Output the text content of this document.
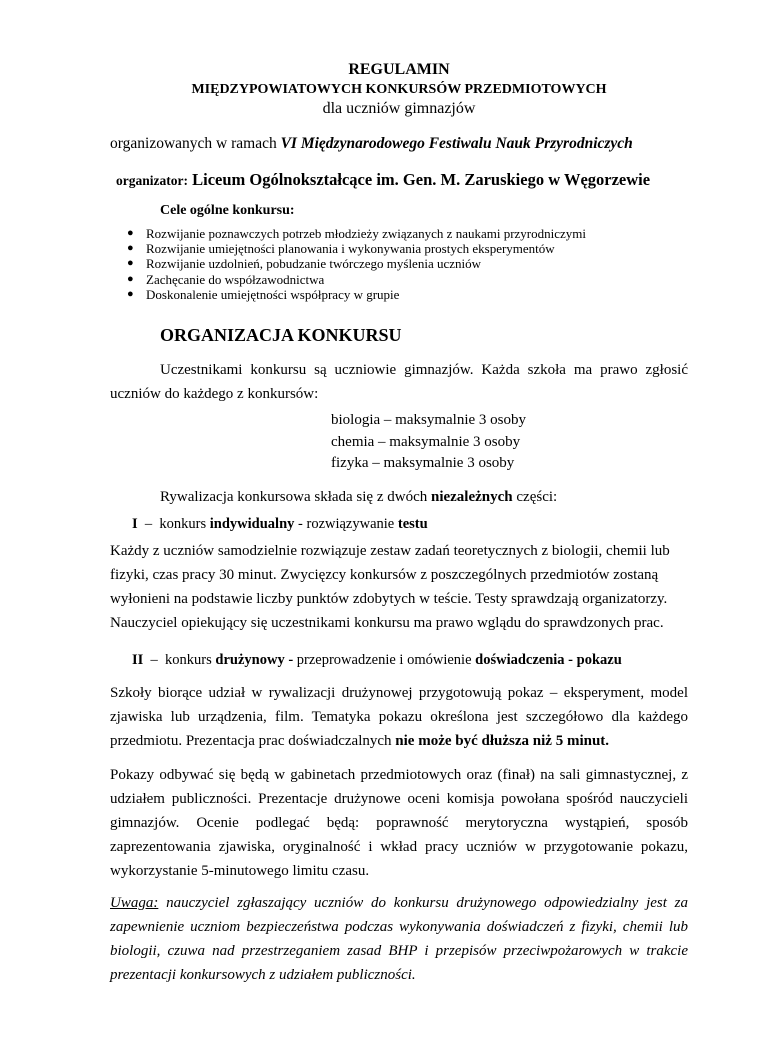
REGULAMIN
MIĘDZYPOWIATOWYCH KONKURSÓW PRZEDMIOTOWYCH
dla uczniów gimnazjów
organizowanych w ramach VI Międzynarodowego Festiwalu Nauk Przyrodniczych
organizator: Liceum Ogólnokształcące im. Gen. M. Zaruskiego w Węgorzewie
Cele ogólne konkursu:
● Rozwijanie poznawczych potrzeb młodzieży związanych z naukami przyrodniczymi
● Rozwijanie umiejętności planowania i wykonywania prostych eksperymentów
● Rozwijanie uzdolnień, pobudzanie twórczego myślenia uczniów
● Zachęcanie do współzawodnictwa
● Doskonalenie umiejętności współpracy w grupie
ORGANIZACJA KONKURSU

Uczestnikami konkursu są uczniowie gimnazjów. Każda szkoła ma prawo zgłosić uczniów do każdego z konkursów:

biologia – maksymalnie 3 osoby
chemia – maksymalnie 3 osoby
fizyka – maksymalnie 3 osoby

Rywalizacja konkursowa składa się z dwóch niezależnych części:

I  –  konkurs indywidualny - rozwiązywanie testu

Każdy z uczniów samodzielnie rozwiązuje zestaw zadań teoretycznych z biologii, chemii lub fizyki, czas pracy 30 minut. Zwycięzcy konkursów z poszczególnych przedmiotów zostaną wyłonieni na podstawie liczby punktów zdobytych w teście. Testy sprawdzają organizatorzy. Nauczyciel opiekujący się uczestnikami konkursu ma prawo wglądu do sprawdzonych prac.

II  –  konkurs drużynowy - przeprowadzenie i omówienie doświadczenia - pokazu

Szkoły biorące udział w rywalizacji drużynowej przygotowują pokaz – eksperyment, model zjawiska lub urządzenia, film. Tematyka pokazu określona jest szczegółowo dla każdego przedmiotu. Prezentacja prac doświadczalnych nie może być dłuższa niż 5 minut.

Pokazy odbywać się będą w gabinetach przedmiotowych oraz (finał) na sali gimnastycznej, z udziałem publiczności. Prezentacje drużynowe oceni komisja powołana spośród nauczycieli gimnazjów. Ocenie podlegać będą: poprawność merytoryczna wystąpień, sposób zaprezentowania zjawiska, oryginalność i wkład pracy uczniów w przygotowanie pokazu, wykorzystanie 5-minutowego limitu czasu.

Uwaga: nauczyciel zgłaszający uczniów do konkursu drużynowego odpowiedzialny jest za zapewnienie uczniom bezpieczeństwa podczas wykonywania doświadczeń z fizyki, chemii lub biologii, czuwa nad przestrzeganiem zasad BHP i przepisów przeciwpożarowych w trakcie prezentacji konkursowych z udziałem publiczności.
